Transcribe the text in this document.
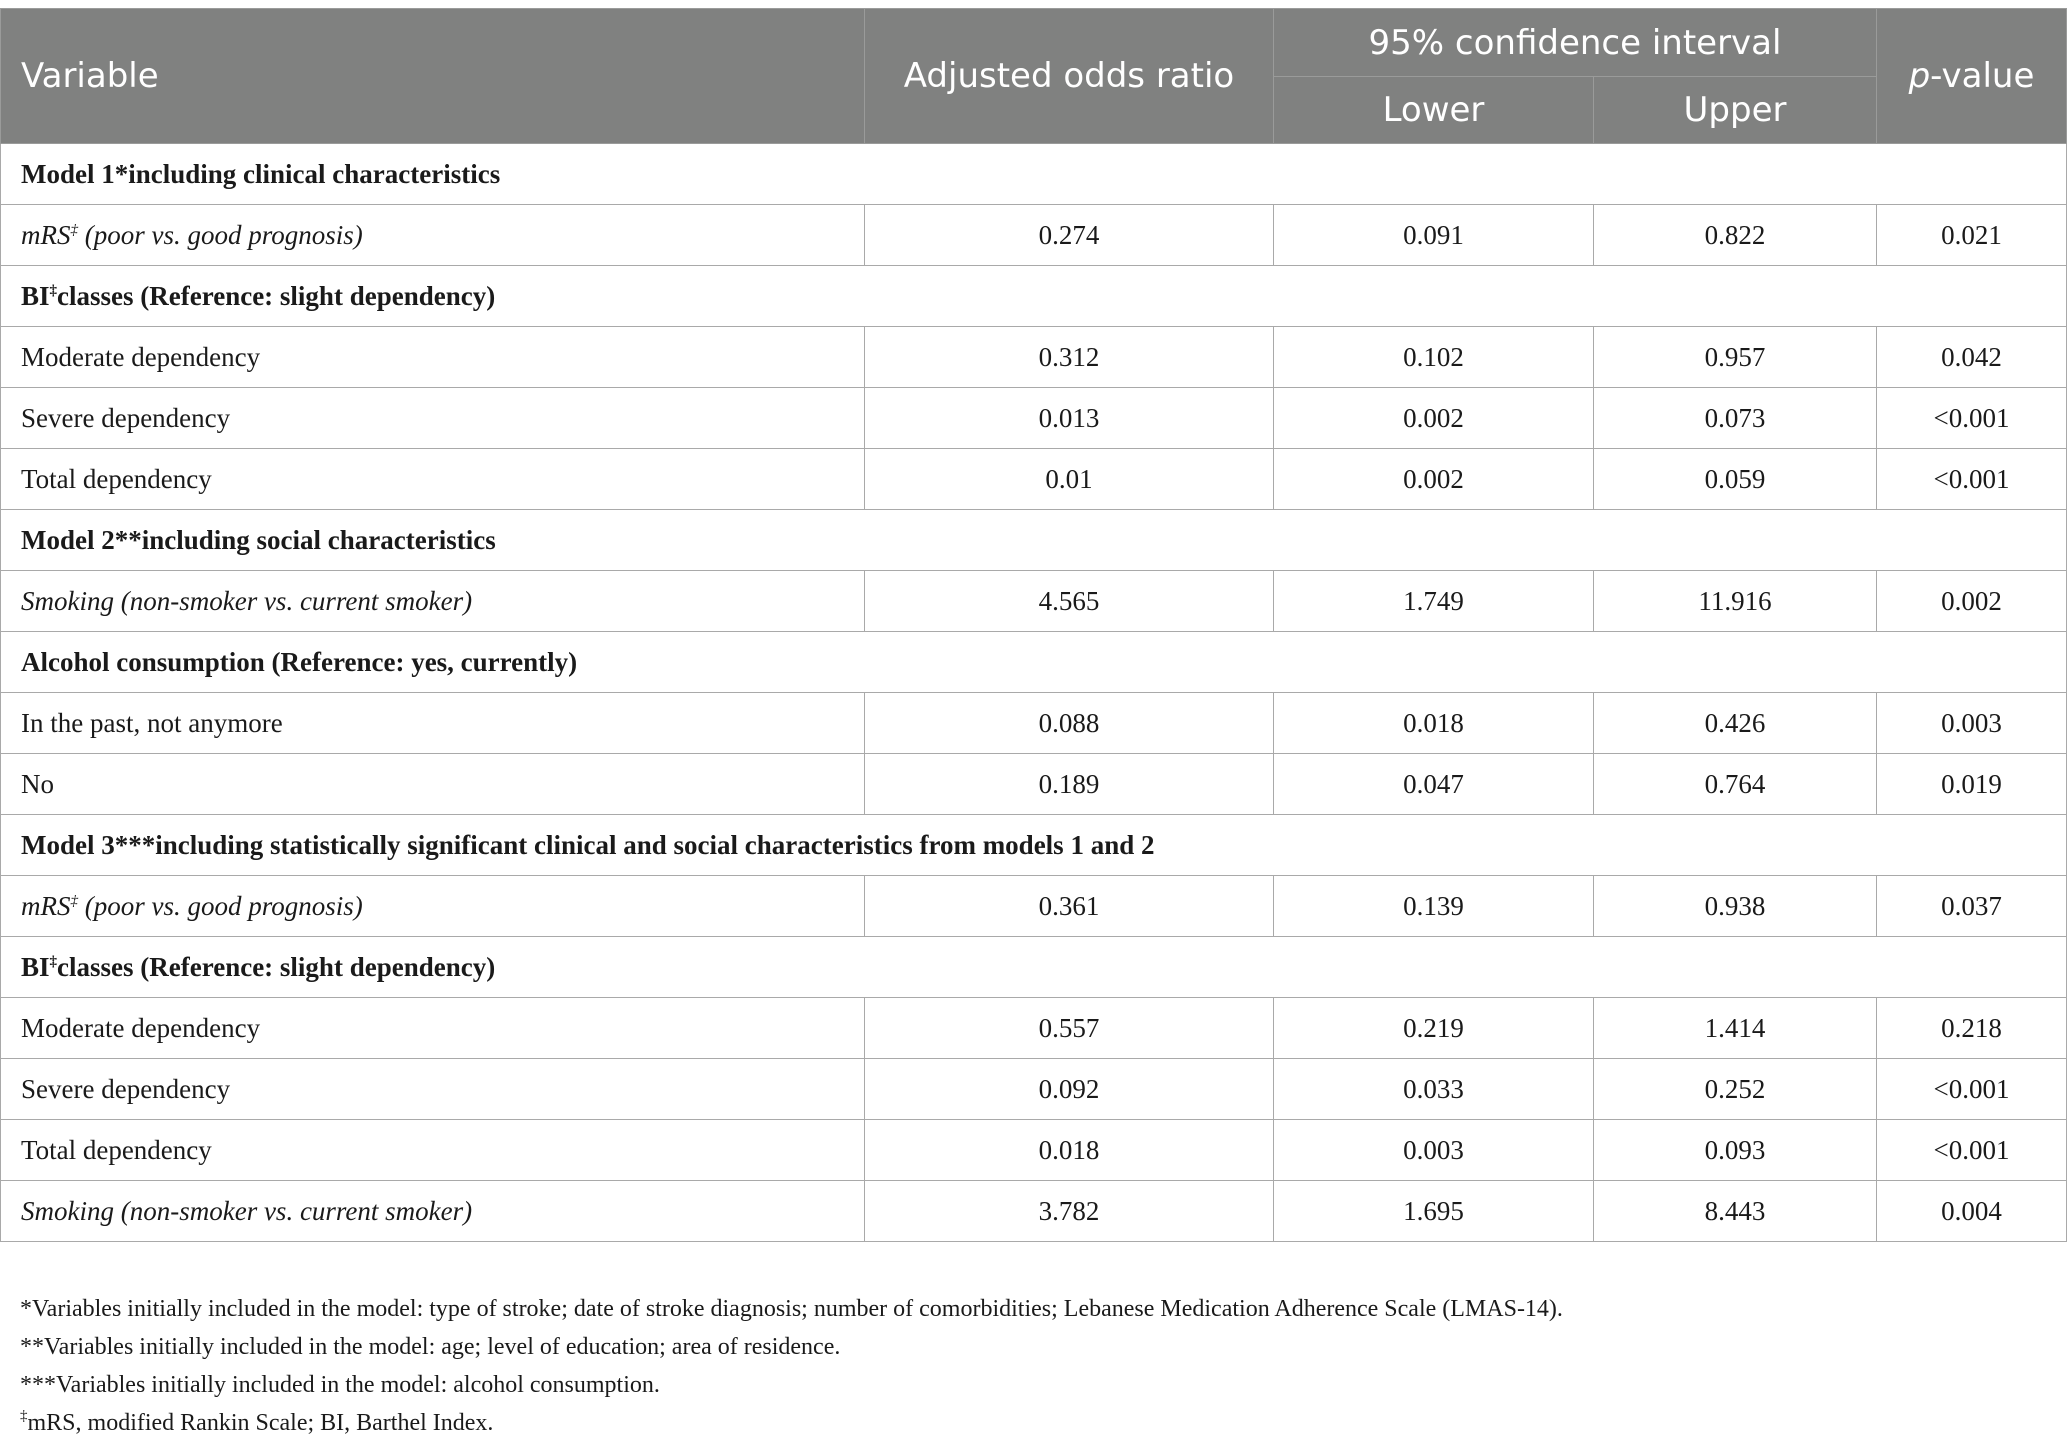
Variable	Adjusted odds ratio	95% confidence interval		p-value
		Lower	Upper	
Model 1*including clinical characteristics				
mRS‡ (poor vs. good prognosis)	0.274	0.091	0.822	0.021
BI‡classes (Reference: slight dependency)				
Moderate dependency	0.312	0.102	0.957	0.042
Severe dependency	0.013	0.002	0.073	<0.001
Total dependency	0.01	0.002	0.059	<0.001
Model 2**including social characteristics				
Smoking (non-smoker vs. current smoker)	4.565	1.749	11.916	0.002
Alcohol consumption (Reference: yes, currently)				
In the past, not anymore	0.088	0.018	0.426	0.003
No	0.189	0.047	0.764	0.019
Model 3***including statistically significant clinical and social characteristics from models 1 and 2				
mRS‡ (poor vs. good prognosis)	0.361	0.139	0.938	0.037
BI‡classes (Reference: slight dependency)				
Moderate dependency	0.557	0.219	1.414	0.218
Severe dependency	0.092	0.033	0.252	<0.001
Total dependency	0.018	0.003	0.093	<0.001
Smoking (non-smoker vs. current smoker)	3.782	1.695	8.443	0.004
*Variables initially included in the model: type of stroke; date of stroke diagnosis; number of comorbidities; Lebanese Medication Adherence Scale (LMAS-14).
**Variables initially included in the model: age; level of education; area of residence.
***Variables initially included in the model: alcohol consumption.
‡mRS, modified Rankin Scale; BI, Barthel Index.
